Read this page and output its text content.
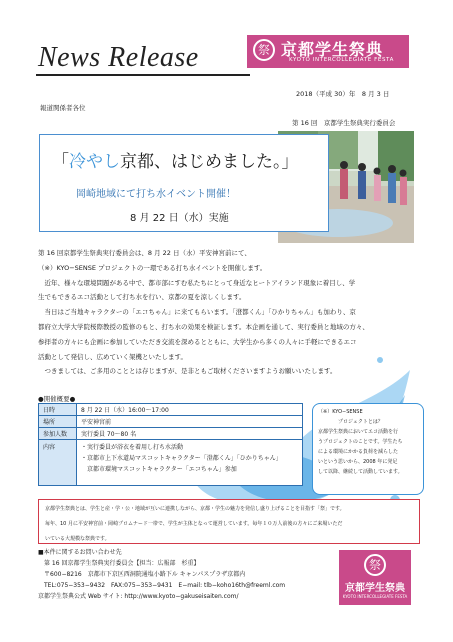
News Release	祭 京都学生祭典
KYOTO INTERCOLLEGIATE FESTA
2018（平成 30）年　8 月 3 日
報道関係者各位
第 16 回　京都学生祭典実行委員会
「冷やし京都、はじめました。」
岡崎地域にて打ち水イベント開催！
8 月 22 日（水）実施

第 16 回京都学生祭典実行委員会は、8 月 22 日（水）平安神宮前にて、

（※）KYO−SENSE プロジェクトの一環である打ち水イベントを開催します。

　近年、様々な環境問題がある中で、都市部にすむ私たちにとって身近なヒートアイランド現象に着目し、学

生でもできるエコ活動として打ち水を行い、京都の夏を涼しくします。

　当日はご当地キャラクターの「エコちゃん」に来てもらいます。「澄都くん」「ひかりちゃん」も加わり、京

都府立大学大学院桜際教授の監修のもと、打ち水の効果を検証します。本企画を通して、実行委員と地域の方々、

参拝者の方々にも企画に参加していただき交流を深めるとともに、大学生から多くの人々に手軽にできるエコ

活動として発信し、広めていく架機といたします。

　つきましては、ご多用のこととは存じますが、是非ともご取材くださいますようお願いいたします。

●開催概要●
日時	8 月 22 日（水）16:00〜17:00
場所	平安神宮前
参加人数	実行委員 70〜80 名
内容	・実行委員が浴衣を着用し打ち水活動
・京都市上下水道局マスコットキャラクター「澄都くん」「ひかりちゃん」
　京都市環境マスコットキャラクター「エコちゃん」参加
（※）KYO−SENSE
　　　　プロジェクトとは？
京都学生祭典においてエコ活動を行
うプロジェクトのことです。学生たち
による環境にかかる負荷を減らした
いという思いから、2008 年に発足
して以降、継続して活動しています。
京都学生祭典とは、学生と産・学・公・地域が互いに連携しながら、京都・学生の魅力を発信し盛り上げることを目指す「祭」です。
毎年、10 月に平安神宮前・岡崎プロムナード一帯で、学生が主体となって運営しています。毎年１０万人前後の方々にご来場いただ
いている大規模な祭典です。
■本件に関するお問い合わせ先
　第 16 回京都学生祭典実行委員会【担当：広報部　杉重】
　〒600−8216　京都市下京区西洞院通塩小路下ル キャンパスプラザ京都内
　TEL:075−353−9432　FAX:075−353−9431　E−mail: tlb−koho16th@freeml.com
京都学生祭典公式 Web サイト: http://www.kyoto−gakuseisaiten.com/
祭
京都学生祭典
KYOTO INTERCOLLEGIATE FESTA
